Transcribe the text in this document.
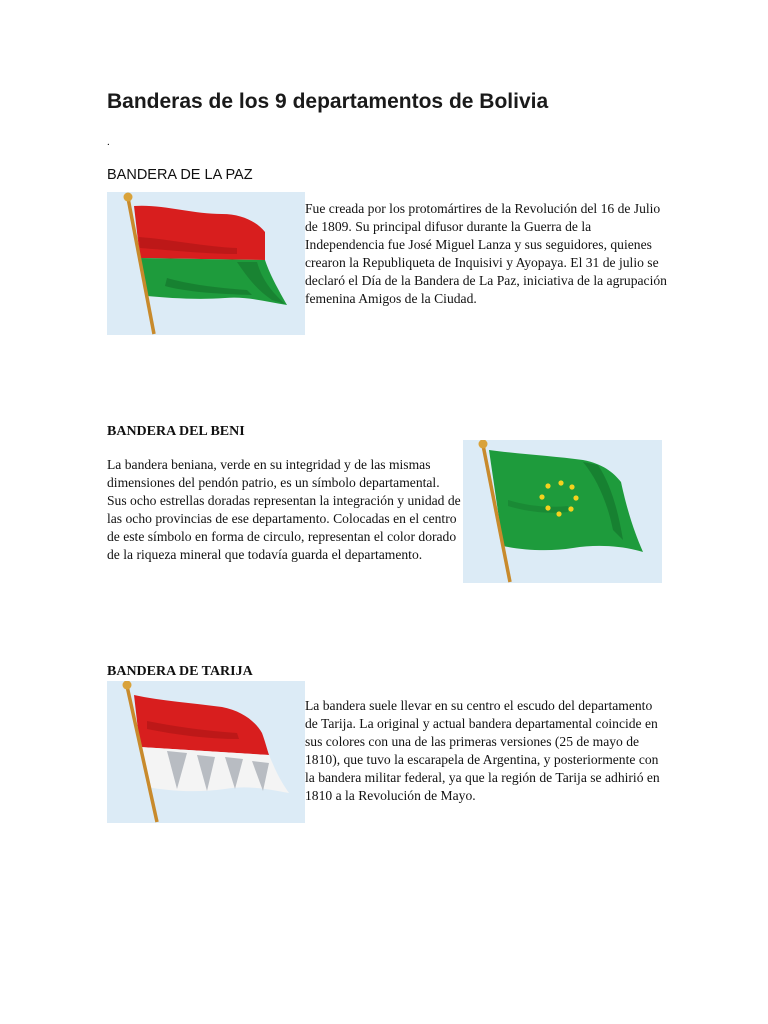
Banderas de los 9 departamentos de Bolivia
.
BANDERA DE LA PAZ

Fue creada por los protomártires de la Revolución del 16 de Julio de 1809. Su principal difusor durante la Guerra de la Independencia fue José Miguel Lanza y sus seguidores, quienes crearon la Republiqueta de Inquisivi y Ayopaya. El 31 de julio se declaró el Día de la Bandera de La Paz, iniciativa de la agrupación femenina Amigos de la Ciudad.

BANDERA DEL BENI

La bandera beniana, verde en su integridad y de las mismas dimensiones del pendón patrio, es un símbolo departamental. Sus ocho estrellas doradas representan la integración y unidad de las ocho provincias de ese departamento. Colocadas en el centro de este símbolo en forma de circulo, representan el color dorado de la riqueza mineral que todavía guarda el departamento.

BANDERA DE TARIJA

La bandera suele llevar en su centro el escudo del departamento de Tarija. La original y actual bandera departamental coincide en sus colores con una de las primeras versiones (25 de mayo de 1810), que tuvo la escarapela de Argentina, y posteriormente con la bandera militar federal, ya que la región de Tarija se adhirió en 1810 a la Revolución de Mayo.
